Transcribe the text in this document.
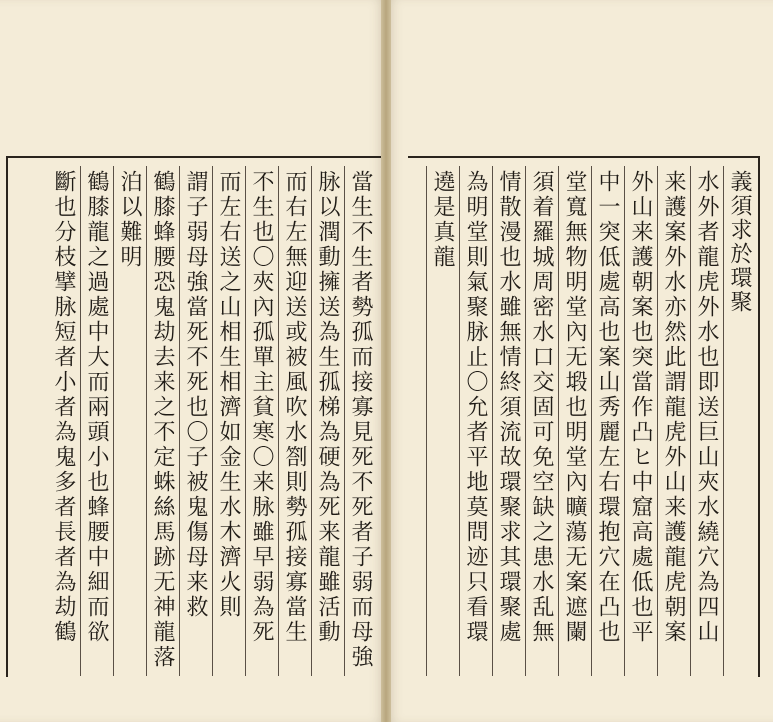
義須求於環聚
水外者龍虎外水也即送巨山夾水繞穴為四山
来護案外水亦然此謂龍虎外山来護龍虎朝案
外山来護朝案也突當作凸ヒ中窟高處低也平
中一突低處高也案山秀麗左右環抱穴在凸也
堂寬無物明堂內无塅也明堂內曠蕩无案遮闌
須着羅城周密水口交固可免空缺之患水乱無
情散漫也水雖無情終須流故環聚求其環聚處
為明堂則氣聚脉止〇允者平地莫問迹只看環
遶是真龍
當生不生者勢孤而接寡見死不死者子弱而母強
脉以潤動擁送為生孤梯為硬為死来龍雖活動
而右左無迎送或被風吹水劄則勢孤接寡當生
不生也〇夾內孤單主貧寒〇来脉雖早弱為死
而左右送之山相生相濟如金生水木濟火則
謂子弱母強當死不死也〇子被鬼傷母来救
鶴膝蜂腰恐鬼劫去来之不定蛛絲馬跡无神龍落
泊以難明
鶴膝龍之過處中大而兩頭小也蜂腰中細而欲
斷也分枝擘脉短者小者為鬼多者長者為劫鶴
